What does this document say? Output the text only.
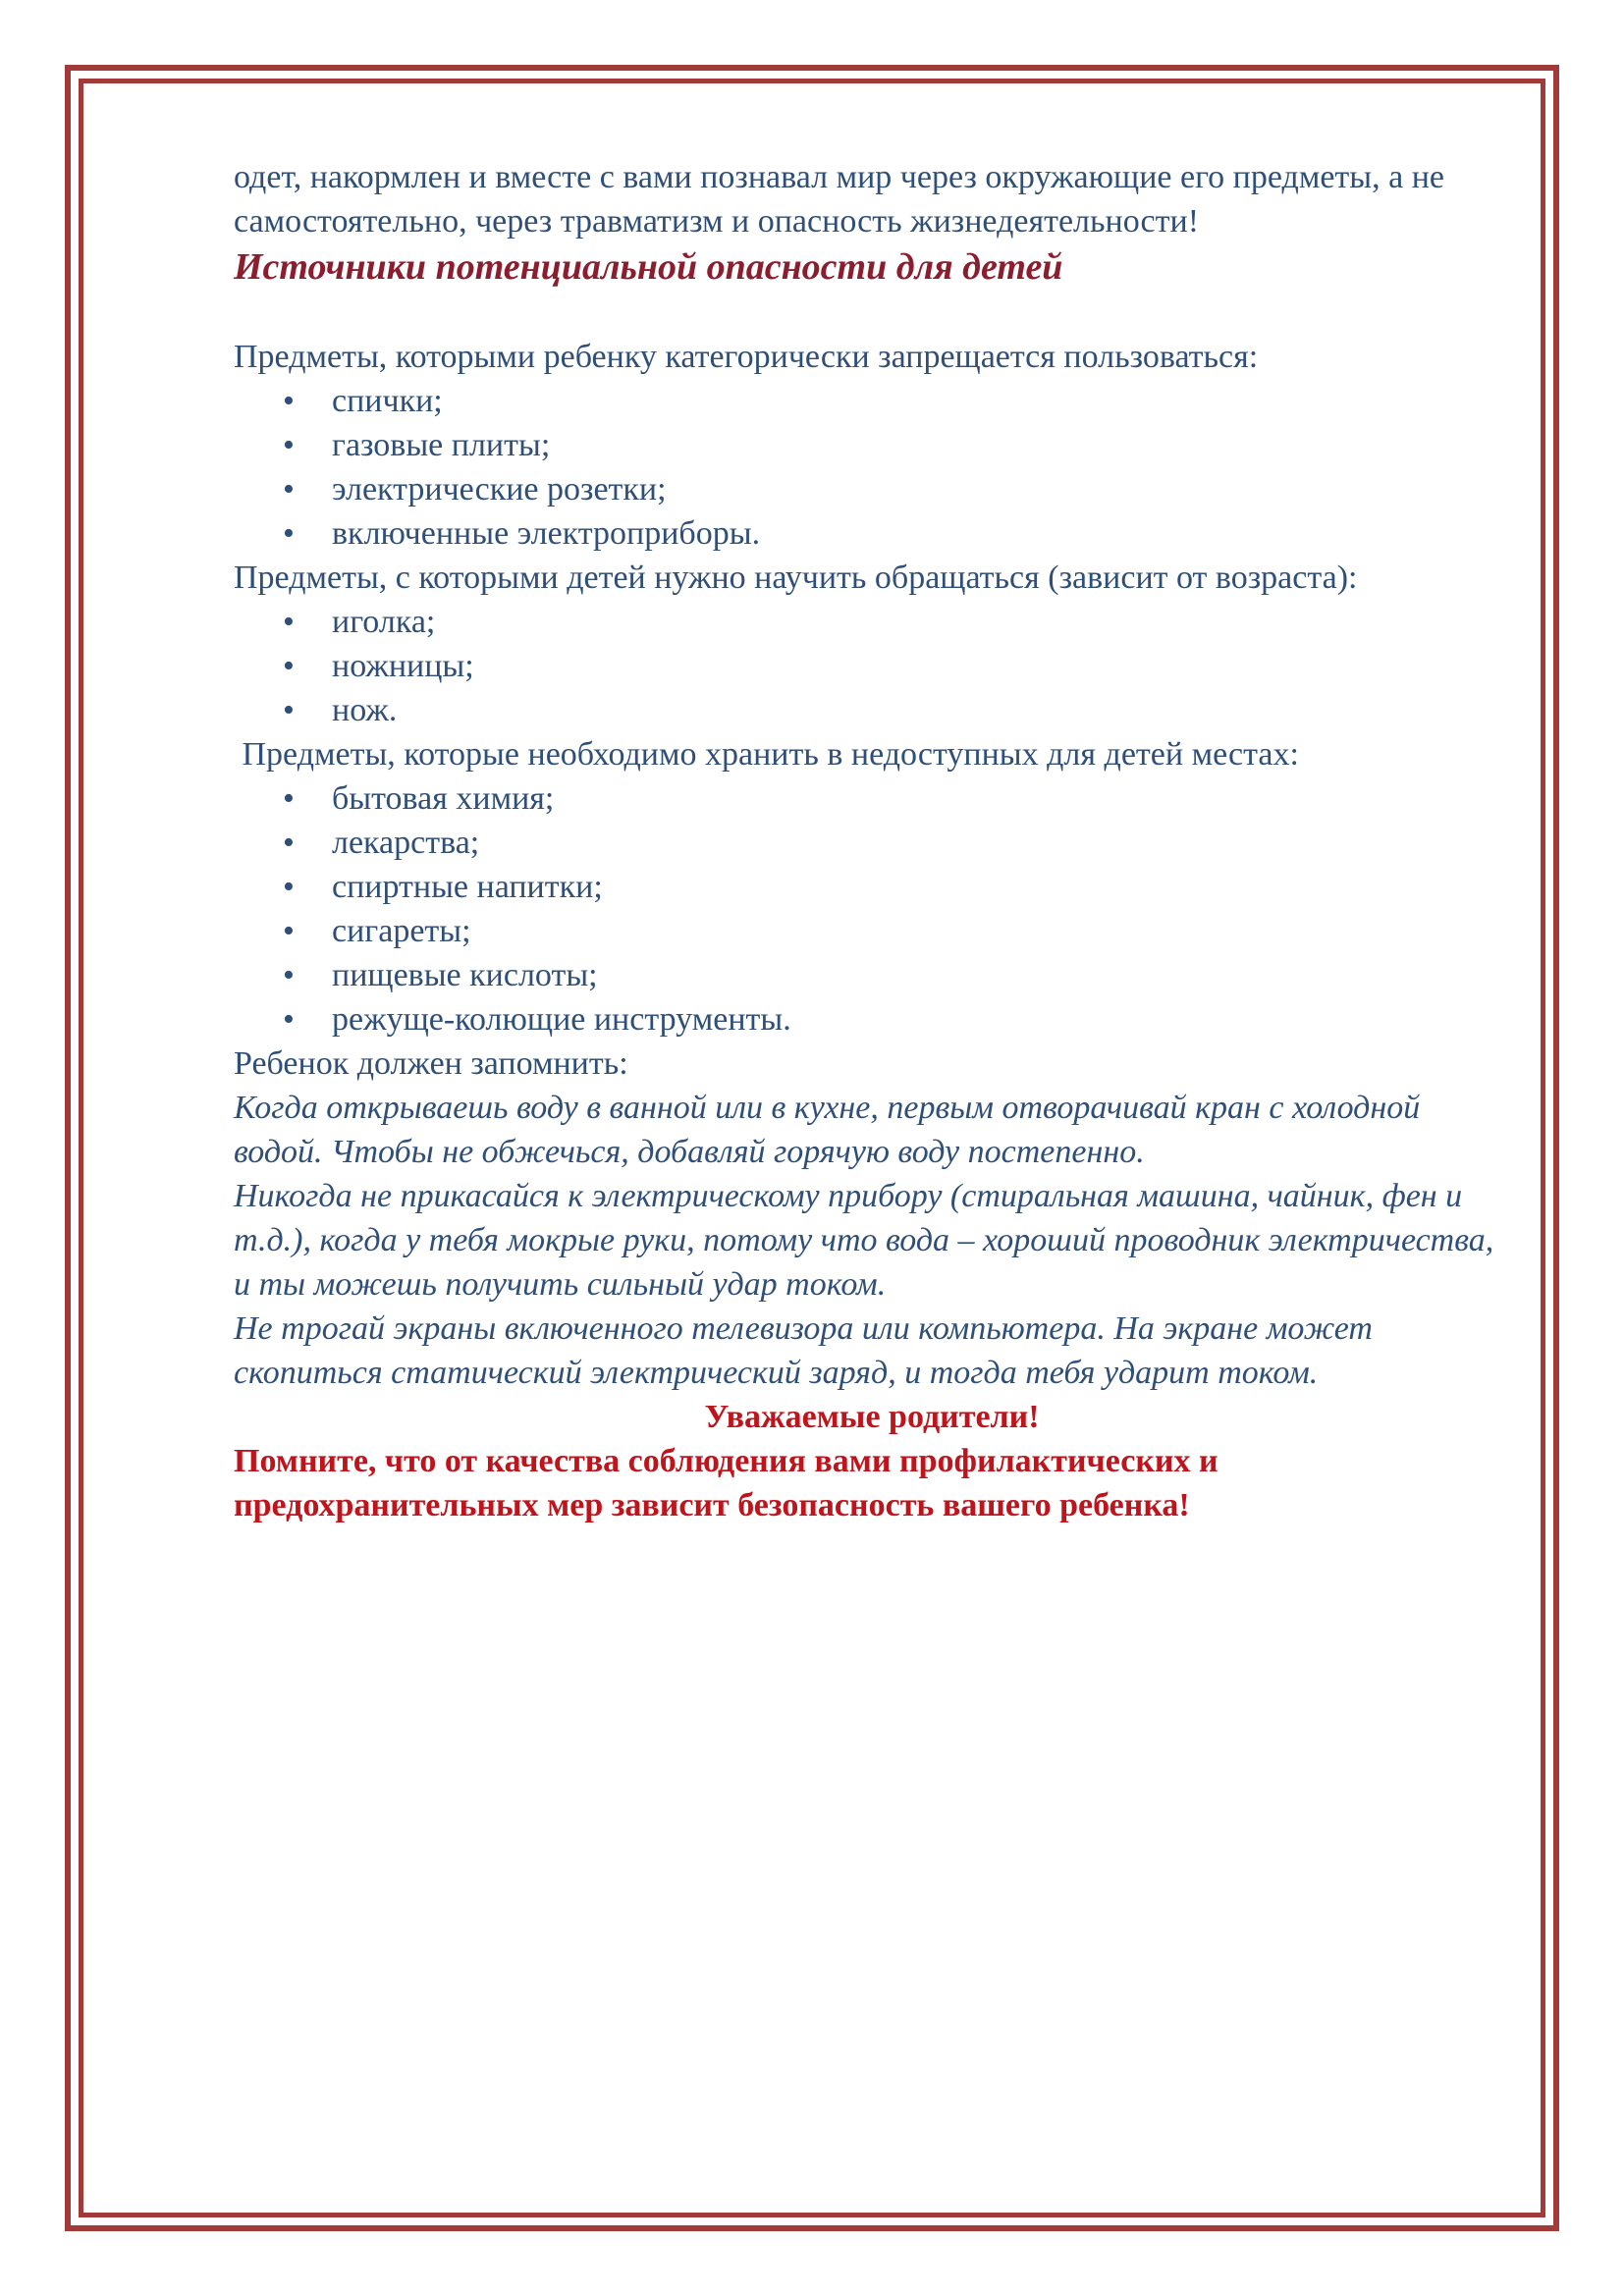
одет, накормлен и вместе с вами познавал мир через окружающие его предметы, а не самостоятельно, через травматизм и опасность жизнедеятельности!

Источники потенциальной опасности для детей

Предметы, которыми ребенку категорически запрещается пользоваться:

• спички;
• газовые плиты;
• электрические розетки;
• включенные электроприборы.

Предметы, с которыми детей нужно научить обращаться (зависит от возраста):

• иголка;
• ножницы;
• нож.

Предметы, которые необходимо хранить в недоступных для детей местах:

• бытовая химия;
• лекарства;
• спиртные напитки;
• сигареты;
• пищевые кислоты;
• режуще-колющие инструменты.

Ребенок должен запомнить:

Когда открываешь воду в ванной или в кухне, первым отворачивай кран с холодной водой. Чтобы не обжечься, добавляй горячую воду постепенно.

Никогда не прикасайся к электрическому прибору (стиральная машина, чайник, фен и т.д.), когда у тебя мокрые руки, потому что вода – хороший проводник электричества, и ты можешь получить сильный удар током.

Не трогай экраны включенного телевизора или компьютера. На экране может скопиться статический электрический заряд, и тогда тебя ударит током.

Уважаемые родители!

Помните, что от качества соблюдения вами профилактических и предохранительных мер зависит безопасность вашего ребенка!
